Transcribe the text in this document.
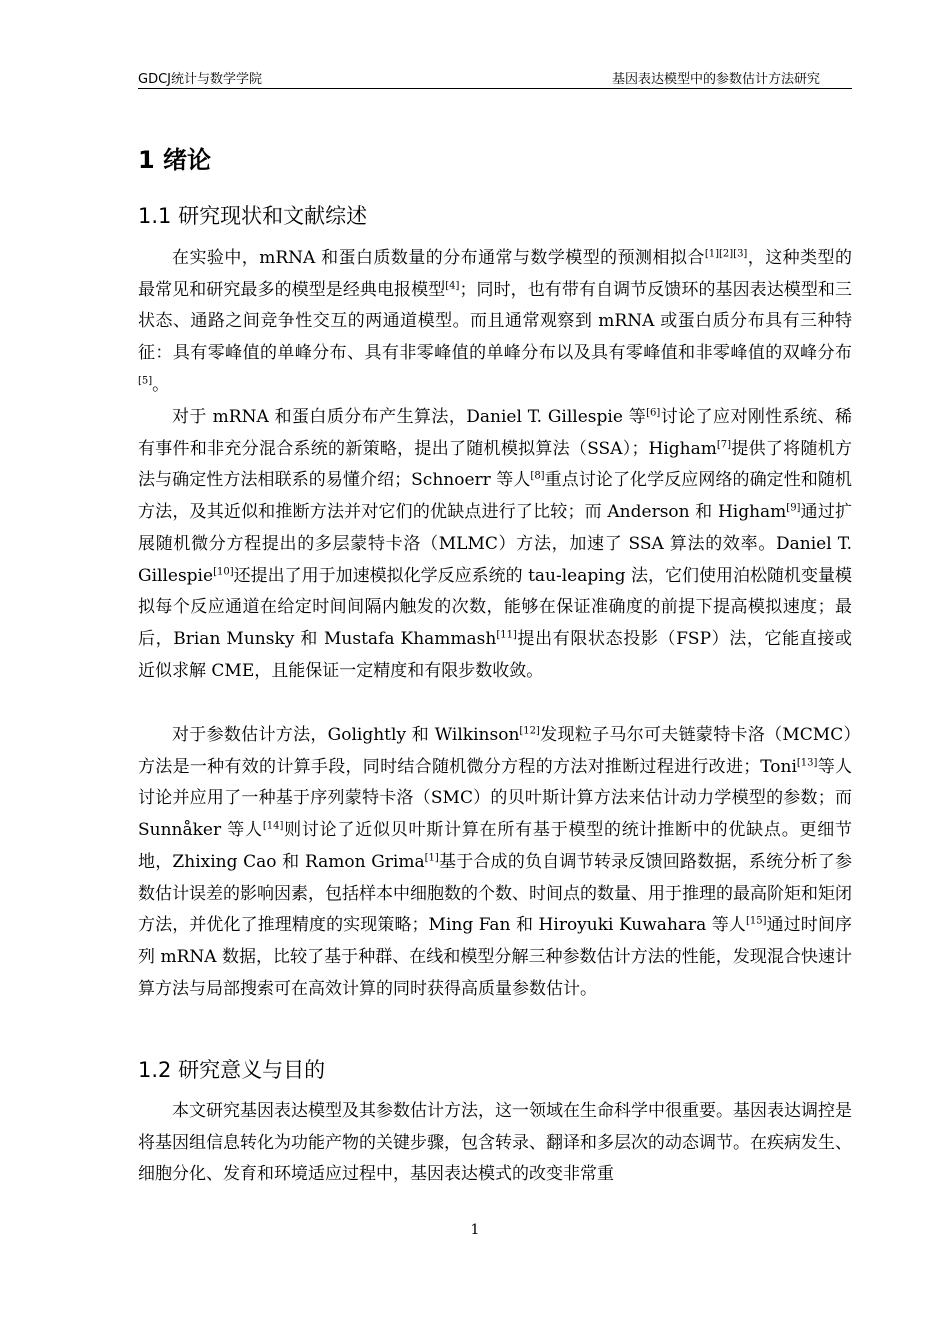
GDCJ统计与数学学院	基因表达模型中的参数估计方法研究
1 绪论
1.1 研究现状和文献综述

在实验中，mRNA 和蛋白质数量的分布通常与数学模型的预测相拟合[1][2][3]，这种类型的最常见和研究最多的模型是经典电报模型[4]；同时，也有带有自调节反馈环的基因表达模型和三状态、通路之间竞争性交互的两通道模型。而且通常观察到 mRNA 或蛋白质分布具有三种特征：具有零峰值的单峰分布、具有非零峰值的单峰分布以及具有零峰值和非零峰值的双峰分布[5]。

对于 mRNA 和蛋白质分布产生算法，Daniel T. Gillespie 等[6]讨论了应对刚性系统、稀有事件和非充分混合系统的新策略，提出了随机模拟算法（SSA）；Higham[7]提供了将随机方法与确定性方法相联系的易懂介绍；Schnoerr 等人[8]重点讨论了化学反应网络的确定性和随机方法，及其近似和推断方法并对它们的优缺点进行了比较；而 Anderson 和 Higham[9]通过扩展随机微分方程提出的多层蒙特卡洛（MLMC）方法，加速了 SSA 算法的效率。Daniel T. Gillespie[10]还提出了用于加速模拟化学反应系统的 tau-leaping 法，它们使用泊松随机变量模拟每个反应通道在给定时间间隔内触发的次数，能够在保证准确度的前提下提高模拟速度；最后，Brian Munsky 和 Mustafa Khammash[11]提出有限状态投影（FSP）法，它能直接或近似求解 CME，且能保证一定精度和有限步数收敛。

对于参数估计方法，Golightly 和 Wilkinson[12]发现粒子马尔可夫链蒙特卡洛（MCMC）方法是一种有效的计算手段，同时结合随机微分方程的方法对推断过程进行改进；Toni[13]等人讨论并应用了一种基于序列蒙特卡洛（SMC）的贝叶斯计算方法来估计动力学模型的参数；而 Sunnåker 等人[14]则讨论了近似贝叶斯计算在所有基于模型的统计推断中的优缺点。更细节地，Zhixing Cao 和 Ramon Grima[1]基于合成的负自调节转录反馈回路数据，系统分析了参数估计误差的影响因素，包括样本中细胞数的个数、时间点的数量、用于推理的最高阶矩和矩闭方法，并优化了推理精度的实现策略；Ming Fan 和 Hiroyuki Kuwahara 等人[15]通过时间序列 mRNA 数据，比较了基于种群、在线和模型分解三种参数估计方法的性能，发现混合快速计算方法与局部搜索可在高效计算的同时获得高质量参数估计。

1.2 研究意义与目的

本文研究基因表达模型及其参数估计方法，这一领域在生命科学中很重要。基因表达调控是将基因组信息转化为功能产物的关键步骤，包含转录、翻译和多层次的动态调节。在疾病发生、细胞分化、发育和环境适应过程中，基因表达模式的改变非常重

1
